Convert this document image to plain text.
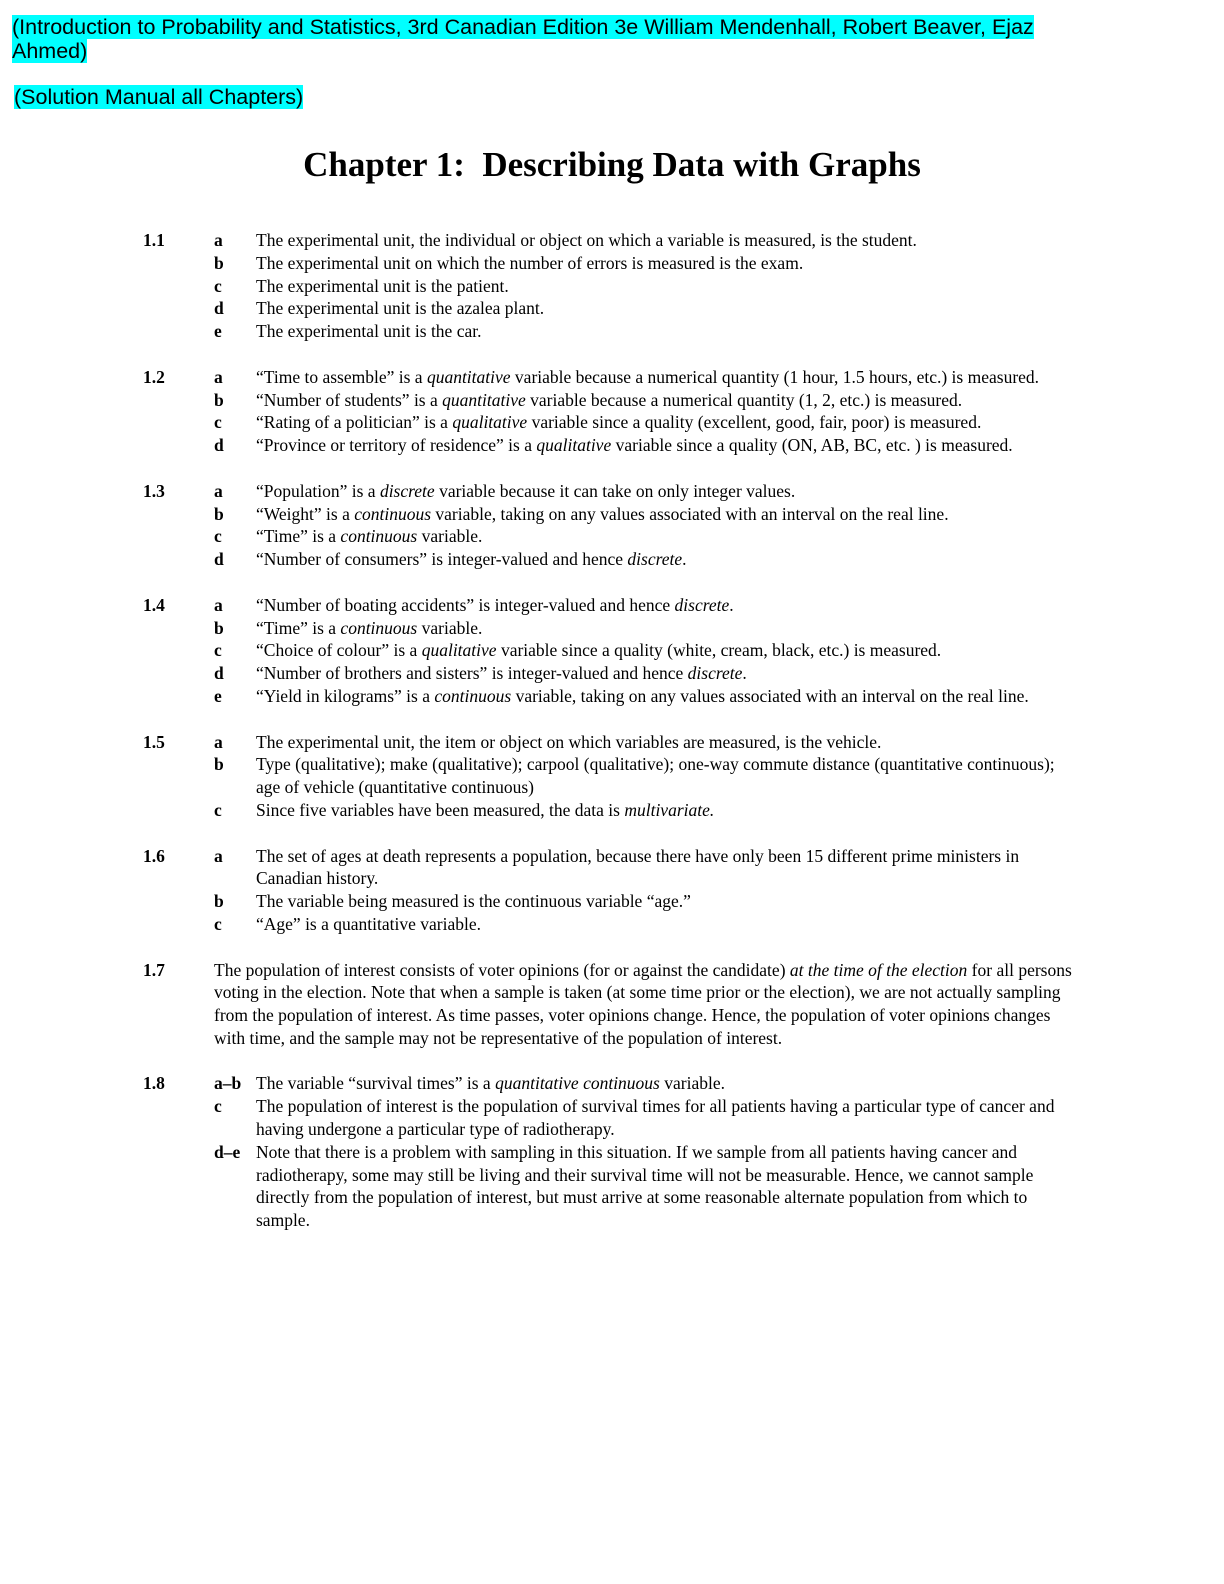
(Introduction to Probability and Statistics, 3rd Canadian Edition 3e William Mendenhall, Robert Beaver, Ejaz
Ahmed)
(Solution Manual all Chapters)
Chapter 1:  Describing Data with Graphs
1.1	a	The experimental unit, the individual or object on which a variable is measured, is the student.
b	The experimental unit on which the number of errors is measured is the exam.
c	The experimental unit is the patient.
d	The experimental unit is the azalea plant.
e	The experimental unit is the car.
1.2	a	“Time to assemble” is a quantitative variable because a numerical quantity (1 hour, 1.5 hours, etc.) is measured.
b	“Number of students” is a quantitative variable because a numerical quantity (1, 2, etc.) is measured.
c	“Rating of a politician” is a qualitative variable since a quality (excellent, good, fair, poor) is measured.
d	“Province or territory of residence” is a qualitative variable since a quality (ON, AB, BC, etc. ) is measured.
1.3	a	“Population” is a discrete variable because it can take on only integer values.
b	“Weight” is a continuous variable, taking on any values associated with an interval on the real line.
c	“Time” is a continuous variable.
d	“Number of consumers” is integer-valued and hence discrete.
1.4	a	“Number of boating accidents” is integer-valued and hence discrete.
b	“Time” is a continuous variable.
c	“Choice of colour” is a qualitative variable since a quality (white, cream, black, etc.) is measured.
d	“Number of brothers and sisters” is integer-valued and hence discrete.
e	“Yield in kilograms” is a continuous variable, taking on any values associated with an interval on the real line.
1.5	a	The experimental unit, the item or object on which variables are measured, is the vehicle.
b	Type (qualitative); make (qualitative); carpool (qualitative); one-way commute distance (quantitative continuous); age of vehicle (quantitative continuous)
c	Since five variables have been measured, the data is multivariate.
1.6	a	The set of ages at death represents a population, because there have only been 15 different prime ministers in Canadian history.
b	The variable being measured is the continuous variable “age.”
c	“Age” is a quantitative variable.
1.7	The population of interest consists of voter opinions (for or against the candidate) at the time of the election for all persons voting in the election. Note that when a sample is taken (at some time prior or the election), we are not actually sampling from the population of interest. As time passes, voter opinions change. Hence, the population of voter opinions changes with time, and the sample may not be representative of the population of interest.
1.8	a–b The variable “survival times” is a quantitative continuous variable.
c	The population of interest is the population of survival times for all patients having a particular type of cancer and having undergone a particular type of radiotherapy.
d–e Note that there is a problem with sampling in this situation. If we sample from all patients having cancer and radiotherapy, some may still be living and their survival time will not be measurable. Hence, we cannot sample directly from the population of interest, but must arrive at some reasonable alternate population from which to sample.
